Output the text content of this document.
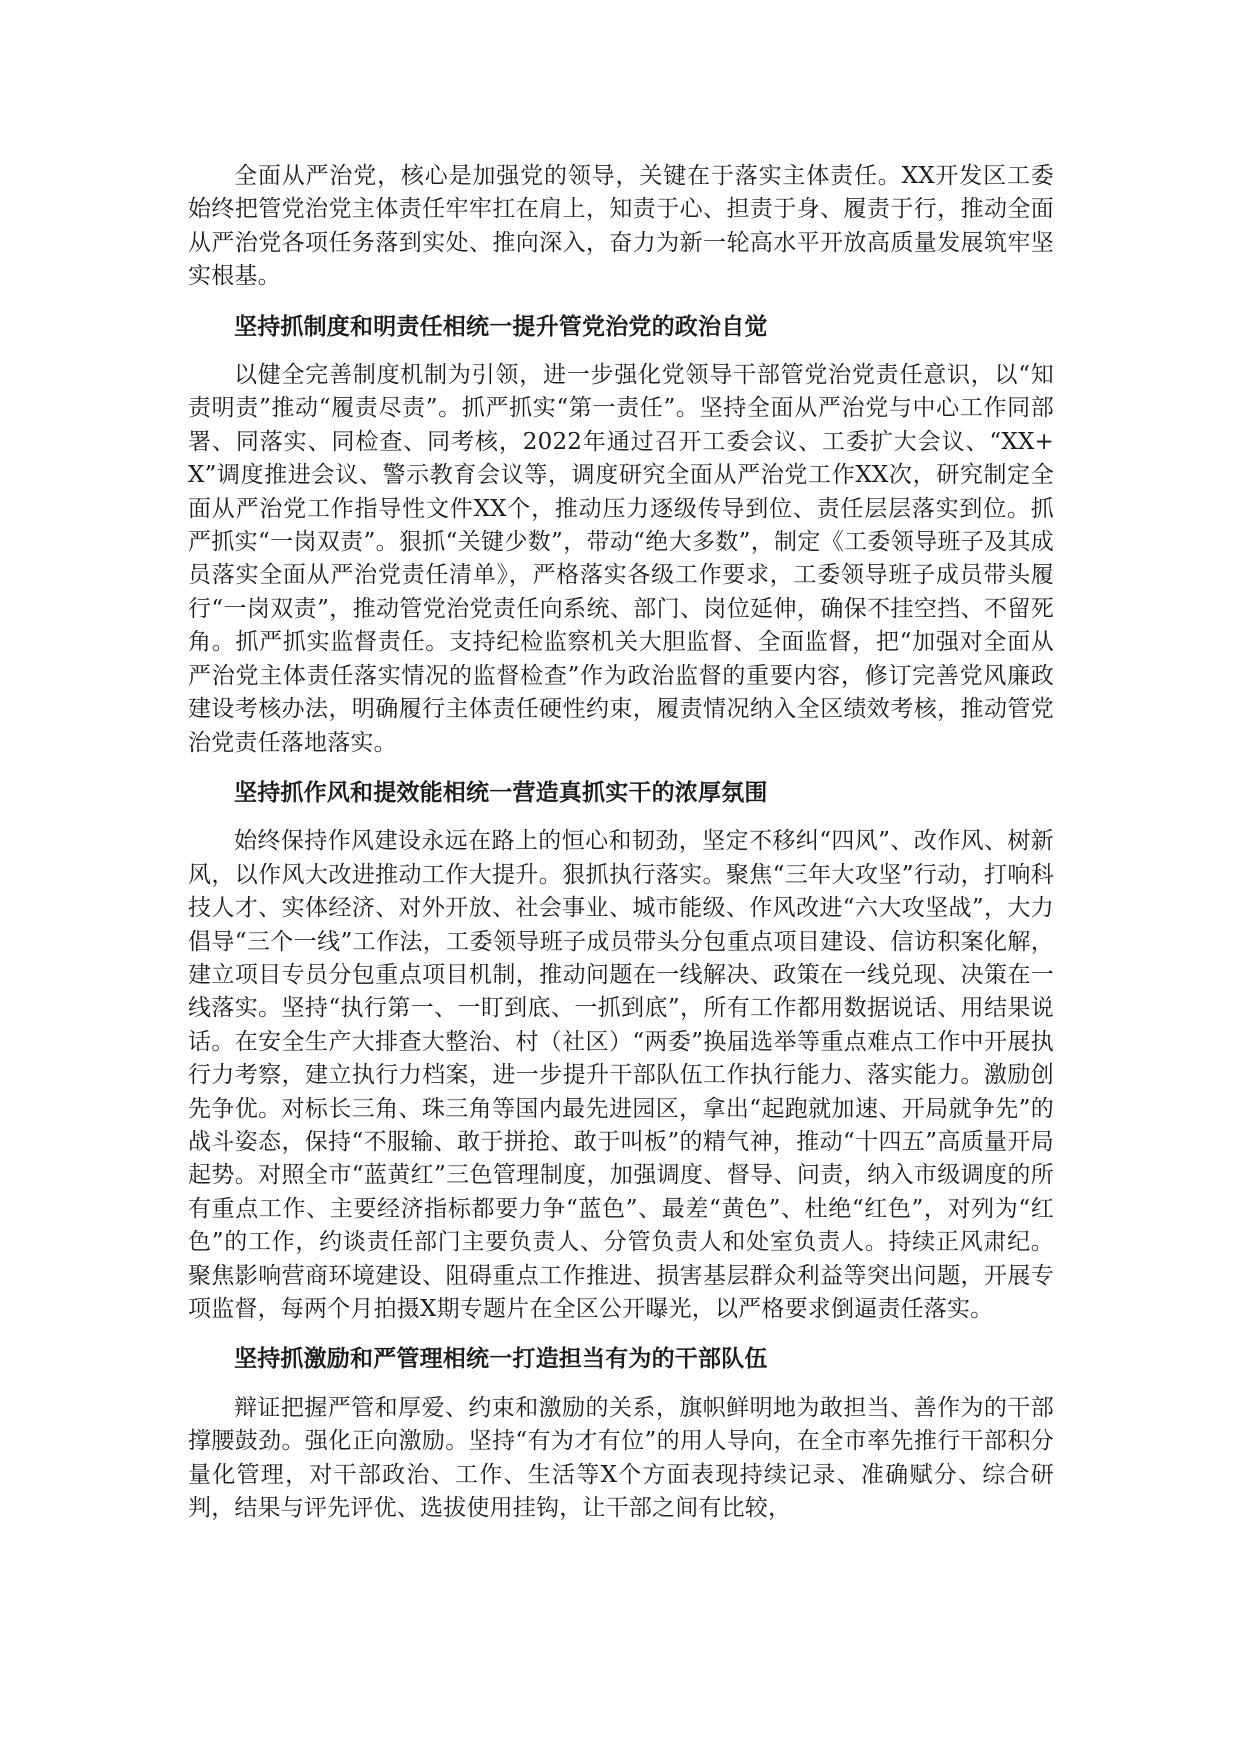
全面从严治党，核心是加强党的领导，关键在于落实主体责任。XX开发区工委始终把管党治党主体责任牢牢扛在肩上，知责于心、担责于身、履责于行，推动全面从严治党各项任务落到实处、推向深入，奋力为新一轮高水平开放高质量发展筑牢坚实根基。

坚持抓制度和明责任相统一提升管党治党的政治自觉

以健全完善制度机制为引领，进一步强化党领导干部管党治党责任意识，以“知责明责”推动“履责尽责”。抓严抓实“第一责任”。坚持全面从严治党与中心工作同部署、同落实、同检查、同考核，2022年通过召开工委会议、工委扩大会议、“XX+X”调度推进会议、警示教育会议等，调度研究全面从严治党工作XX次，研究制定全面从严治党工作指导性文件XX个，推动压力逐级传导到位、责任层层落实到位。抓严抓实“一岗双责”。狠抓“关键少数”，带动“绝大多数”，制定《工委领导班子及其成员落实全面从严治党责任清单》，严格落实各级工作要求，工委领导班子成员带头履行“一岗双责”，推动管党治党责任向系统、部门、岗位延伸，确保不挂空挡、不留死角。抓严抓实监督责任。支持纪检监察机关大胆监督、全面监督，把“加强对全面从严治党主体责任落实情况的监督检查”作为政治监督的重要内容，修订完善党风廉政建设考核办法，明确履行主体责任硬性约束，履责情况纳入全区绩效考核，推动管党治党责任落地落实。

坚持抓作风和提效能相统一营造真抓实干的浓厚氛围

始终保持作风建设永远在路上的恒心和韧劲，坚定不移纠“四风”、改作风、树新风，以作风大改进推动工作大提升。狠抓执行落实。聚焦“三年大攻坚”行动，打响科技人才、实体经济、对外开放、社会事业、城市能级、作风改进“六大攻坚战”，大力倡导“三个一线”工作法，工委领导班子成员带头分包重点项目建设、信访积案化解，建立项目专员分包重点项目机制，推动问题在一线解决、政策在一线兑现、决策在一线落实。坚持“执行第一、一盯到底、一抓到底”，所有工作都用数据说话、用结果说话。在安全生产大排查大整治、村（社区）“两委”换届选举等重点难点工作中开展执行力考察，建立执行力档案，进一步提升干部队伍工作执行能力、落实能力。激励创先争优。对标长三角、珠三角等国内最先进园区，拿出“起跑就加速、开局就争先”的战斗姿态，保持“不服输、敢于拼抢、敢于叫板”的精气神，推动“十四五”高质量开局起势。对照全市“蓝黄红”三色管理制度，加强调度、督导、问责，纳入市级调度的所有重点工作、主要经济指标都要力争“蓝色”、最差“黄色”、杜绝“红色”，对列为“红色”的工作，约谈责任部门主要负责人、分管负责人和处室负责人。持续正风肃纪。聚焦影响营商环境建设、阻碍重点工作推进、损害基层群众利益等突出问题，开展专项监督，每两个月拍摄X期专题片在全区公开曝光，以严格要求倒逼责任落实。

坚持抓激励和严管理相统一打造担当有为的干部队伍

辩证把握严管和厚爱、约束和激励的关系，旗帜鲜明地为敢担当、善作为的干部撑腰鼓劲。强化正向激励。坚持“有为才有位”的用人导向，在全市率先推行干部积分量化管理，对干部政治、工作、生活等X个方面表现持续记录、准确赋分、综合研判，结果与评先评优、选拔使用挂钩，让干部之间有比较，
